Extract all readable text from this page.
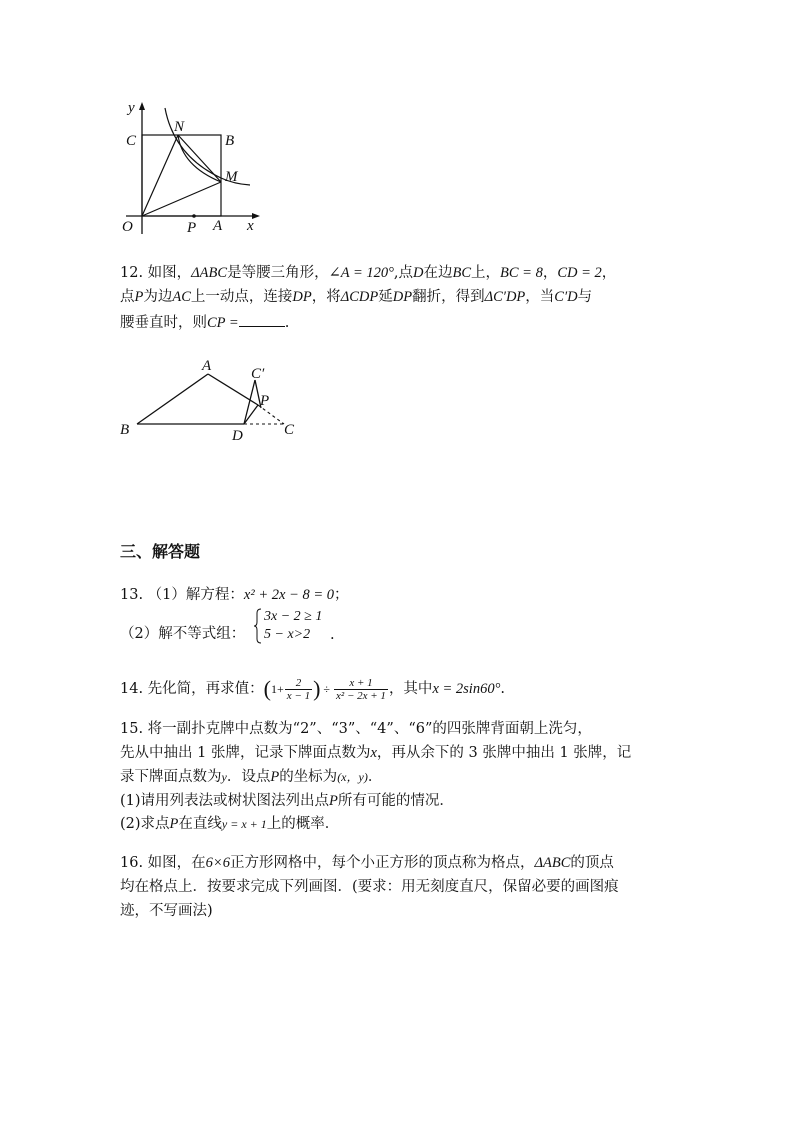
y
C
N
B
M
O	P A x
12. 如图，ΔABC是等腰三角形，∠A = 120°,点D在边BC上，BC = 8，CD = 2，
点P为边AC上一动点，连接DP，将ΔCDP延DP翻折，得到ΔC′DP，当C′D与
腰垂直时，则CP =	.
A	C′
P
B	D	C
三、解答题
13. （1）解方程：x² + 2x − 8 = 0；
（2）解不等式组：
3x − 2 ≥ 1
5 − x>2 .
14. 先化简，再求值：($1+ \frac{2}{x - 1}$ ) ÷ $\frac{x + 1}{\text{x² − 2x + 1}}$ ，其中x = 2sin60°.
15. 将一副扑克牌中点数为“2”、“3”、“4”、“6”的四张牌背面朝上洗匀，
先从中抽出 1 张牌，记录下牌面点数为x，再从余下的 3 张牌中抽出 1 张牌，记
录下牌面点数为y．设点P的坐标为(x，y)．
(1)请用列表法或树状图法列出点P所有可能的情况．
(2)求点P在直线y = x + 1上的概率．
16. 如图，在6×6正方形网格中，每个小正方形的顶点称为格点，ΔABC的顶点
均在格点上．按要求完成下列画图．(要求：用无刻度直尺，保留必要的画图痕
迹，不写画法)
